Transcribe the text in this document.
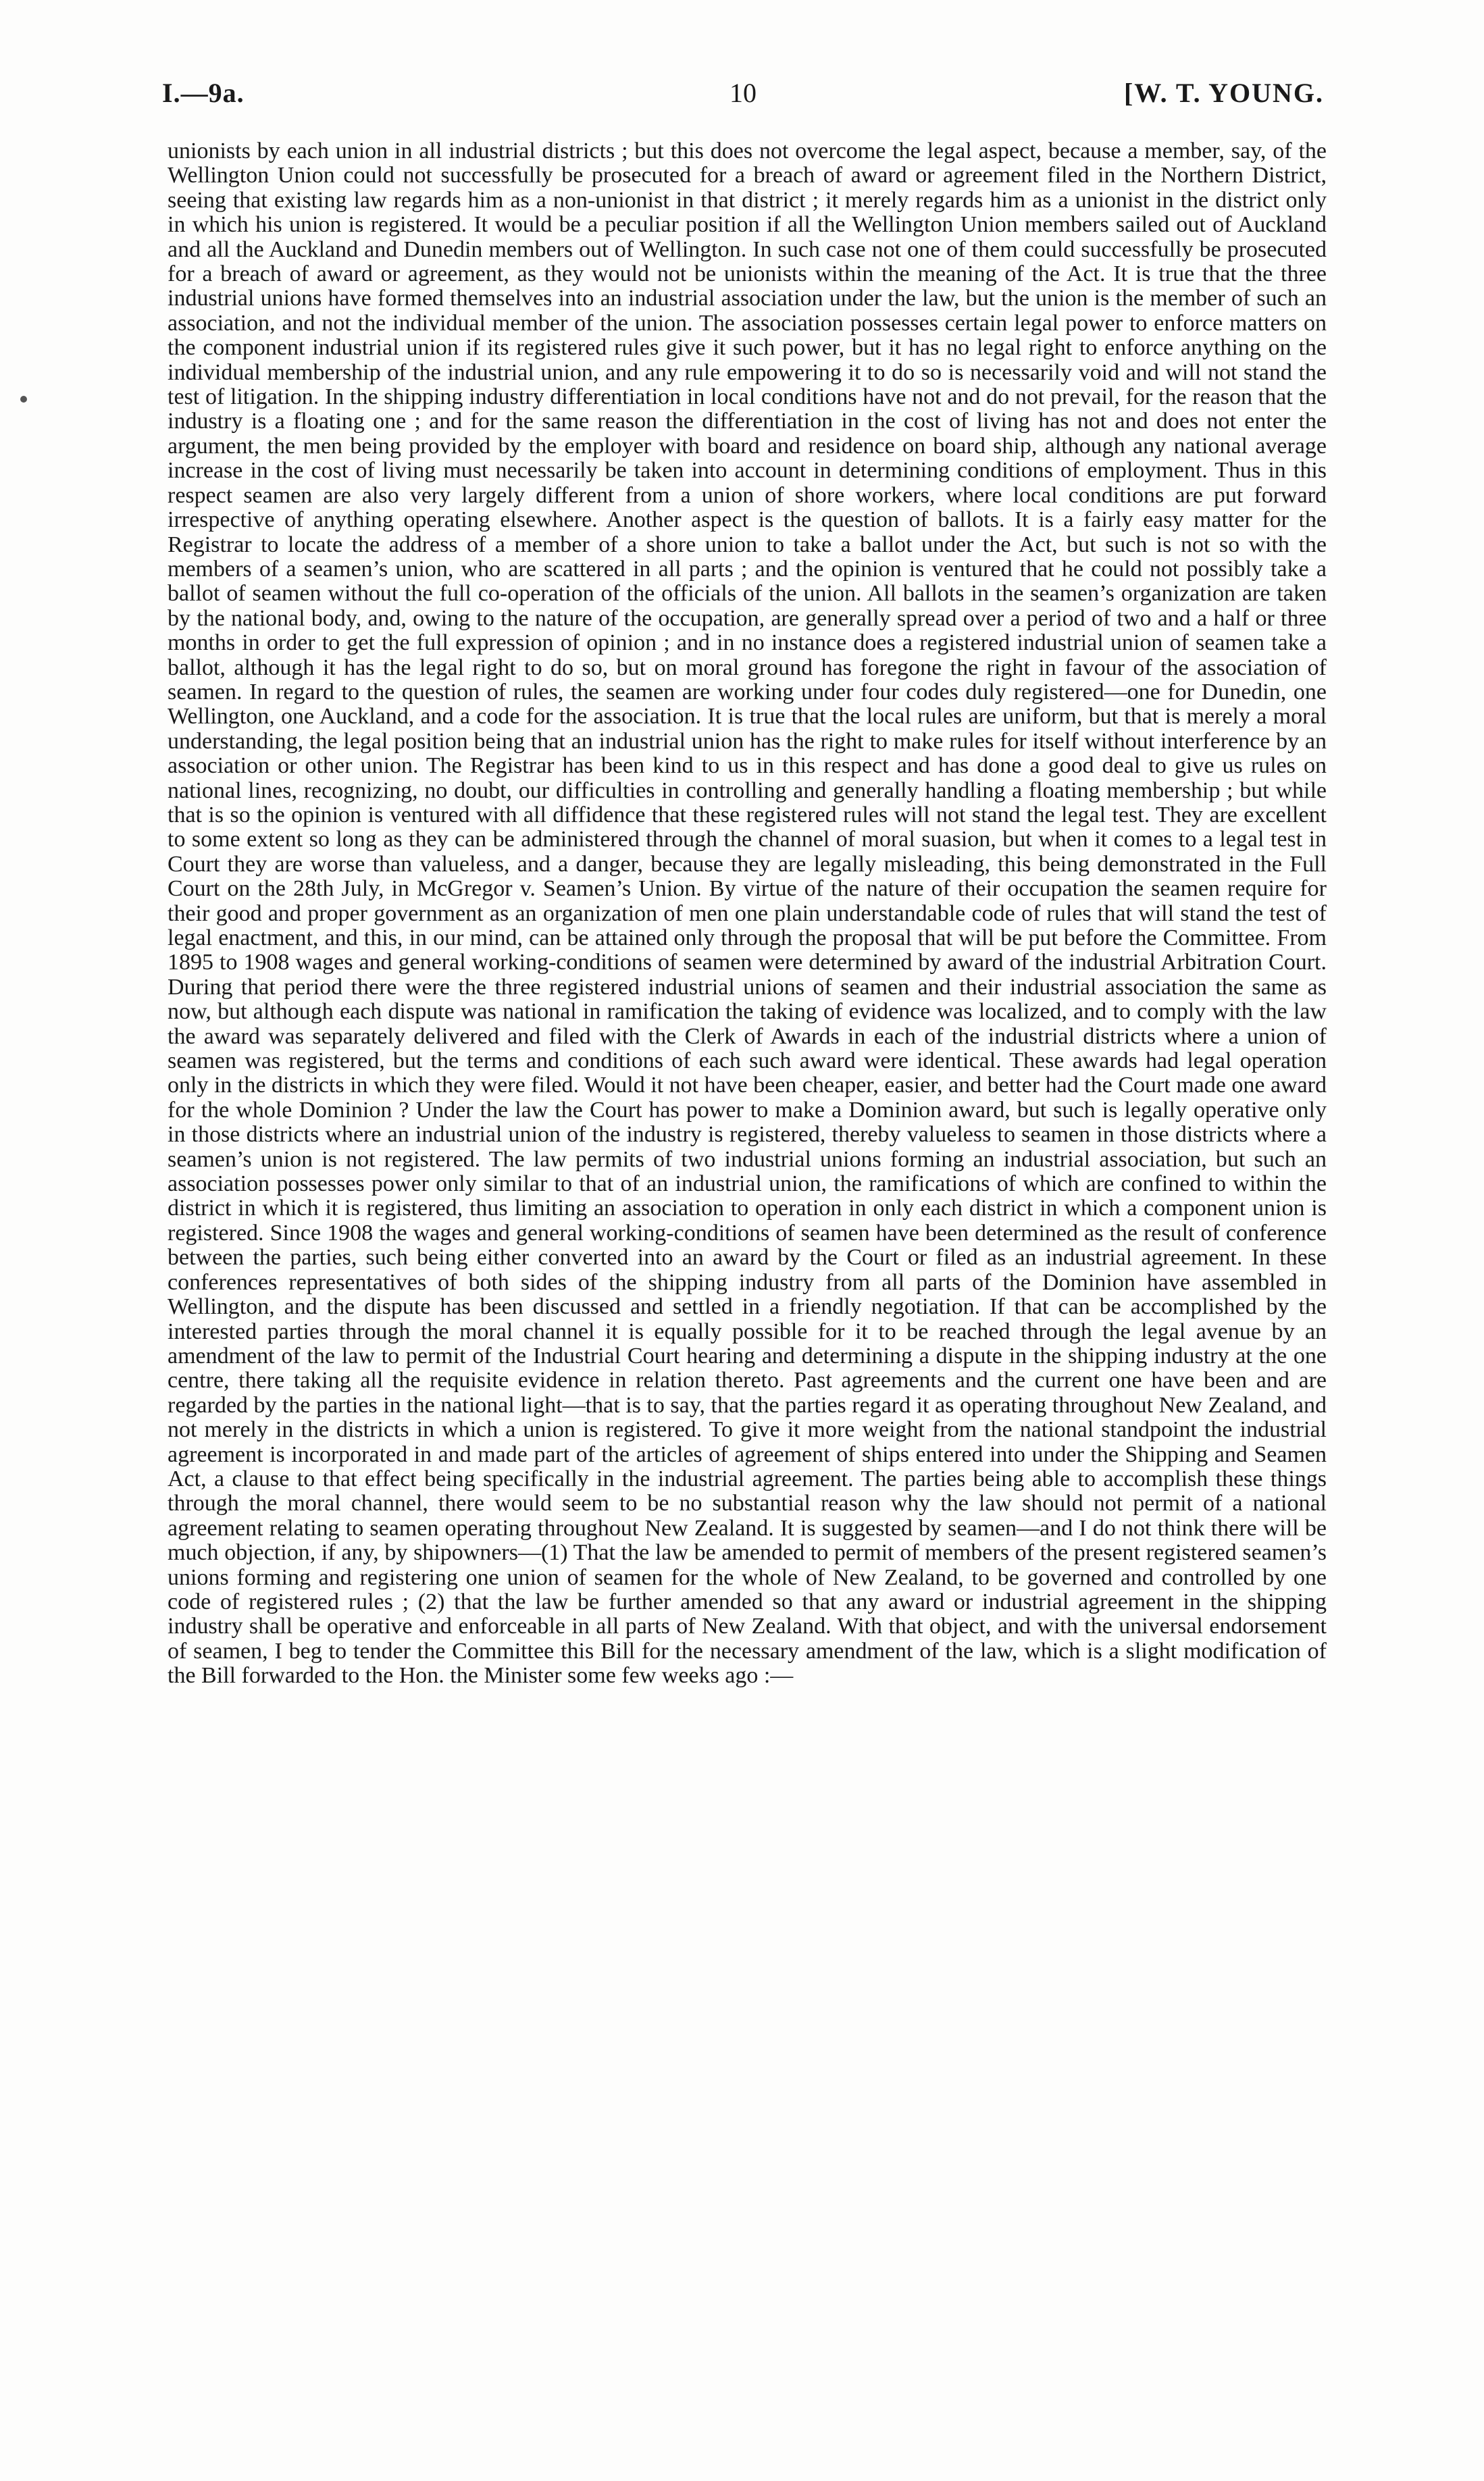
I.—9a.	10	[W. T. YOUNG.

unionists by each union in all industrial districts ; but this does not overcome the legal aspect, because a member, say, of the Wellington Union could not successfully be prosecuted for a breach of award or agreement filed in the Northern District, seeing that existing law regards him as a non-unionist in that district ; it merely regards him as a unionist in the district only in which his union is registered. It would be a peculiar position if all the Wellington Union members sailed out of Auckland and all the Auckland and Dunedin members out of Wellington. In such case not one of them could successfully be prosecuted for a breach of award or agreement, as they would not be unionists within the meaning of the Act. It is true that the three industrial unions have formed themselves into an industrial association under the law, but the union is the member of such an association, and not the individual member of the union. The association possesses certain legal power to enforce matters on the component industrial union if its registered rules give it such power, but it has no legal right to enforce anything on the individual membership of the industrial union, and any rule empowering it to do so is necessarily void and will not stand the test of litigation. In the shipping industry differentiation in local conditions have not and do not prevail, for the reason that the industry is a floating one ; and for the same reason the differentiation in the cost of living has not and does not enter the argument, the men being provided by the employer with board and residence on board ship, although any national average increase in the cost of living must necessarily be taken into account in determining conditions of employment. Thus in this respect seamen are also very largely different from a union of shore workers, where local conditions are put forward irrespective of anything operating elsewhere. Another aspect is the question of ballots. It is a fairly easy matter for the Registrar to locate the address of a member of a shore union to take a ballot under the Act, but such is not so with the members of a seamen’s union, who are scattered in all parts ; and the opinion is ventured that he could not possibly take a ballot of seamen without the full co-operation of the officials of the union. All ballots in the seamen’s organization are taken by the national body, and, owing to the nature of the occupation, are generally spread over a period of two and a half or three months in order to get the full expression of opinion ; and in no instance does a registered industrial union of seamen take a ballot, although it has the legal right to do so, but on moral ground has foregone the right in favour of the association of seamen. In regard to the question of rules, the seamen are working under four codes duly registered—one for Dunedin, one Wellington, one Auckland, and a code for the association. It is true that the local rules are uniform, but that is merely a moral understanding, the legal position being that an industrial union has the right to make rules for itself without interference by an association or other union. The Registrar has been kind to us in this respect and has done a good deal to give us rules on national lines, recognizing, no doubt, our difficulties in controlling and generally handling a floating membership ; but while that is so the opinion is ventured with all diffidence that these registered rules will not stand the legal test. They are excellent to some extent so long as they can be administered through the channel of moral suasion, but when it comes to a legal test in Court they are worse than valueless, and a danger, because they are legally misleading, this being demonstrated in the Full Court on the 28th July, in McGregor v. Seamen’s Union. By virtue of the nature of their occupation the seamen require for their good and proper government as an organization of men one plain understandable code of rules that will stand the test of legal enactment, and this, in our mind, can be attained only through the proposal that will be put before the Committee. From 1895 to 1908 wages and general working-conditions of seamen were determined by award of the industrial Arbitration Court. During that period there were the three registered industrial unions of seamen and their industrial association the same as now, but although each dispute was national in ramification the taking of evidence was localized, and to comply with the law the award was separately delivered and filed with the Clerk of Awards in each of the industrial districts where a union of seamen was registered, but the terms and conditions of each such award were identical. These awards had legal operation only in the districts in which they were filed. Would it not have been cheaper, easier, and better had the Court made one award for the whole Dominion ? Under the law the Court has power to make a Dominion award, but such is legally operative only in those districts where an industrial union of the industry is registered, thereby valueless to seamen in those districts where a seamen’s union is not registered. The law permits of two industrial unions forming an industrial association, but such an association possesses power only similar to that of an industrial union, the ramifications of which are confined to within the district in which it is registered, thus limiting an association to operation in only each district in which a component union is registered. Since 1908 the wages and general working-conditions of seamen have been determined as the result of conference between the parties, such being either converted into an award by the Court or filed as an industrial agreement. In these conferences representatives of both sides of the shipping industry from all parts of the Dominion have assembled in Wellington, and the dispute has been discussed and settled in a friendly negotiation. If that can be accomplished by the interested parties through the moral channel it is equally possible for it to be reached through the legal avenue by an amendment of the law to permit of the Industrial Court hearing and determining a dispute in the shipping industry at the one centre, there taking all the requisite evidence in relation thereto. Past agreements and the current one have been and are regarded by the parties in the national light—that is to say, that the parties regard it as operating throughout New Zealand, and not merely in the districts in which a union is registered. To give it more weight from the national standpoint the industrial agreement is incorporated in and made part of the articles of agreement of ships entered into under the Shipping and Seamen Act, a clause to that effect being specifically in the industrial agreement. The parties being able to accomplish these things through the moral channel, there would seem to be no substantial reason why the law should not permit of a national agreement relating to seamen operating throughout New Zealand. It is suggested by seamen—and I do not think there will be much objection, if any, by shipowners—(1) That the law be amended to permit of members of the present registered seamen’s unions forming and registering one union of seamen for the whole of New Zealand, to be governed and controlled by one code of registered rules ; (2) that the law be further amended so that any award or industrial agreement in the shipping industry shall be operative and enforceable in all parts of New Zealand. With that object, and with the universal endorsement of seamen, I beg to tender the Committee this Bill for the necessary amendment of the law, which is a slight modification of the Bill forwarded to the Hon. the Minister some few weeks ago :—
